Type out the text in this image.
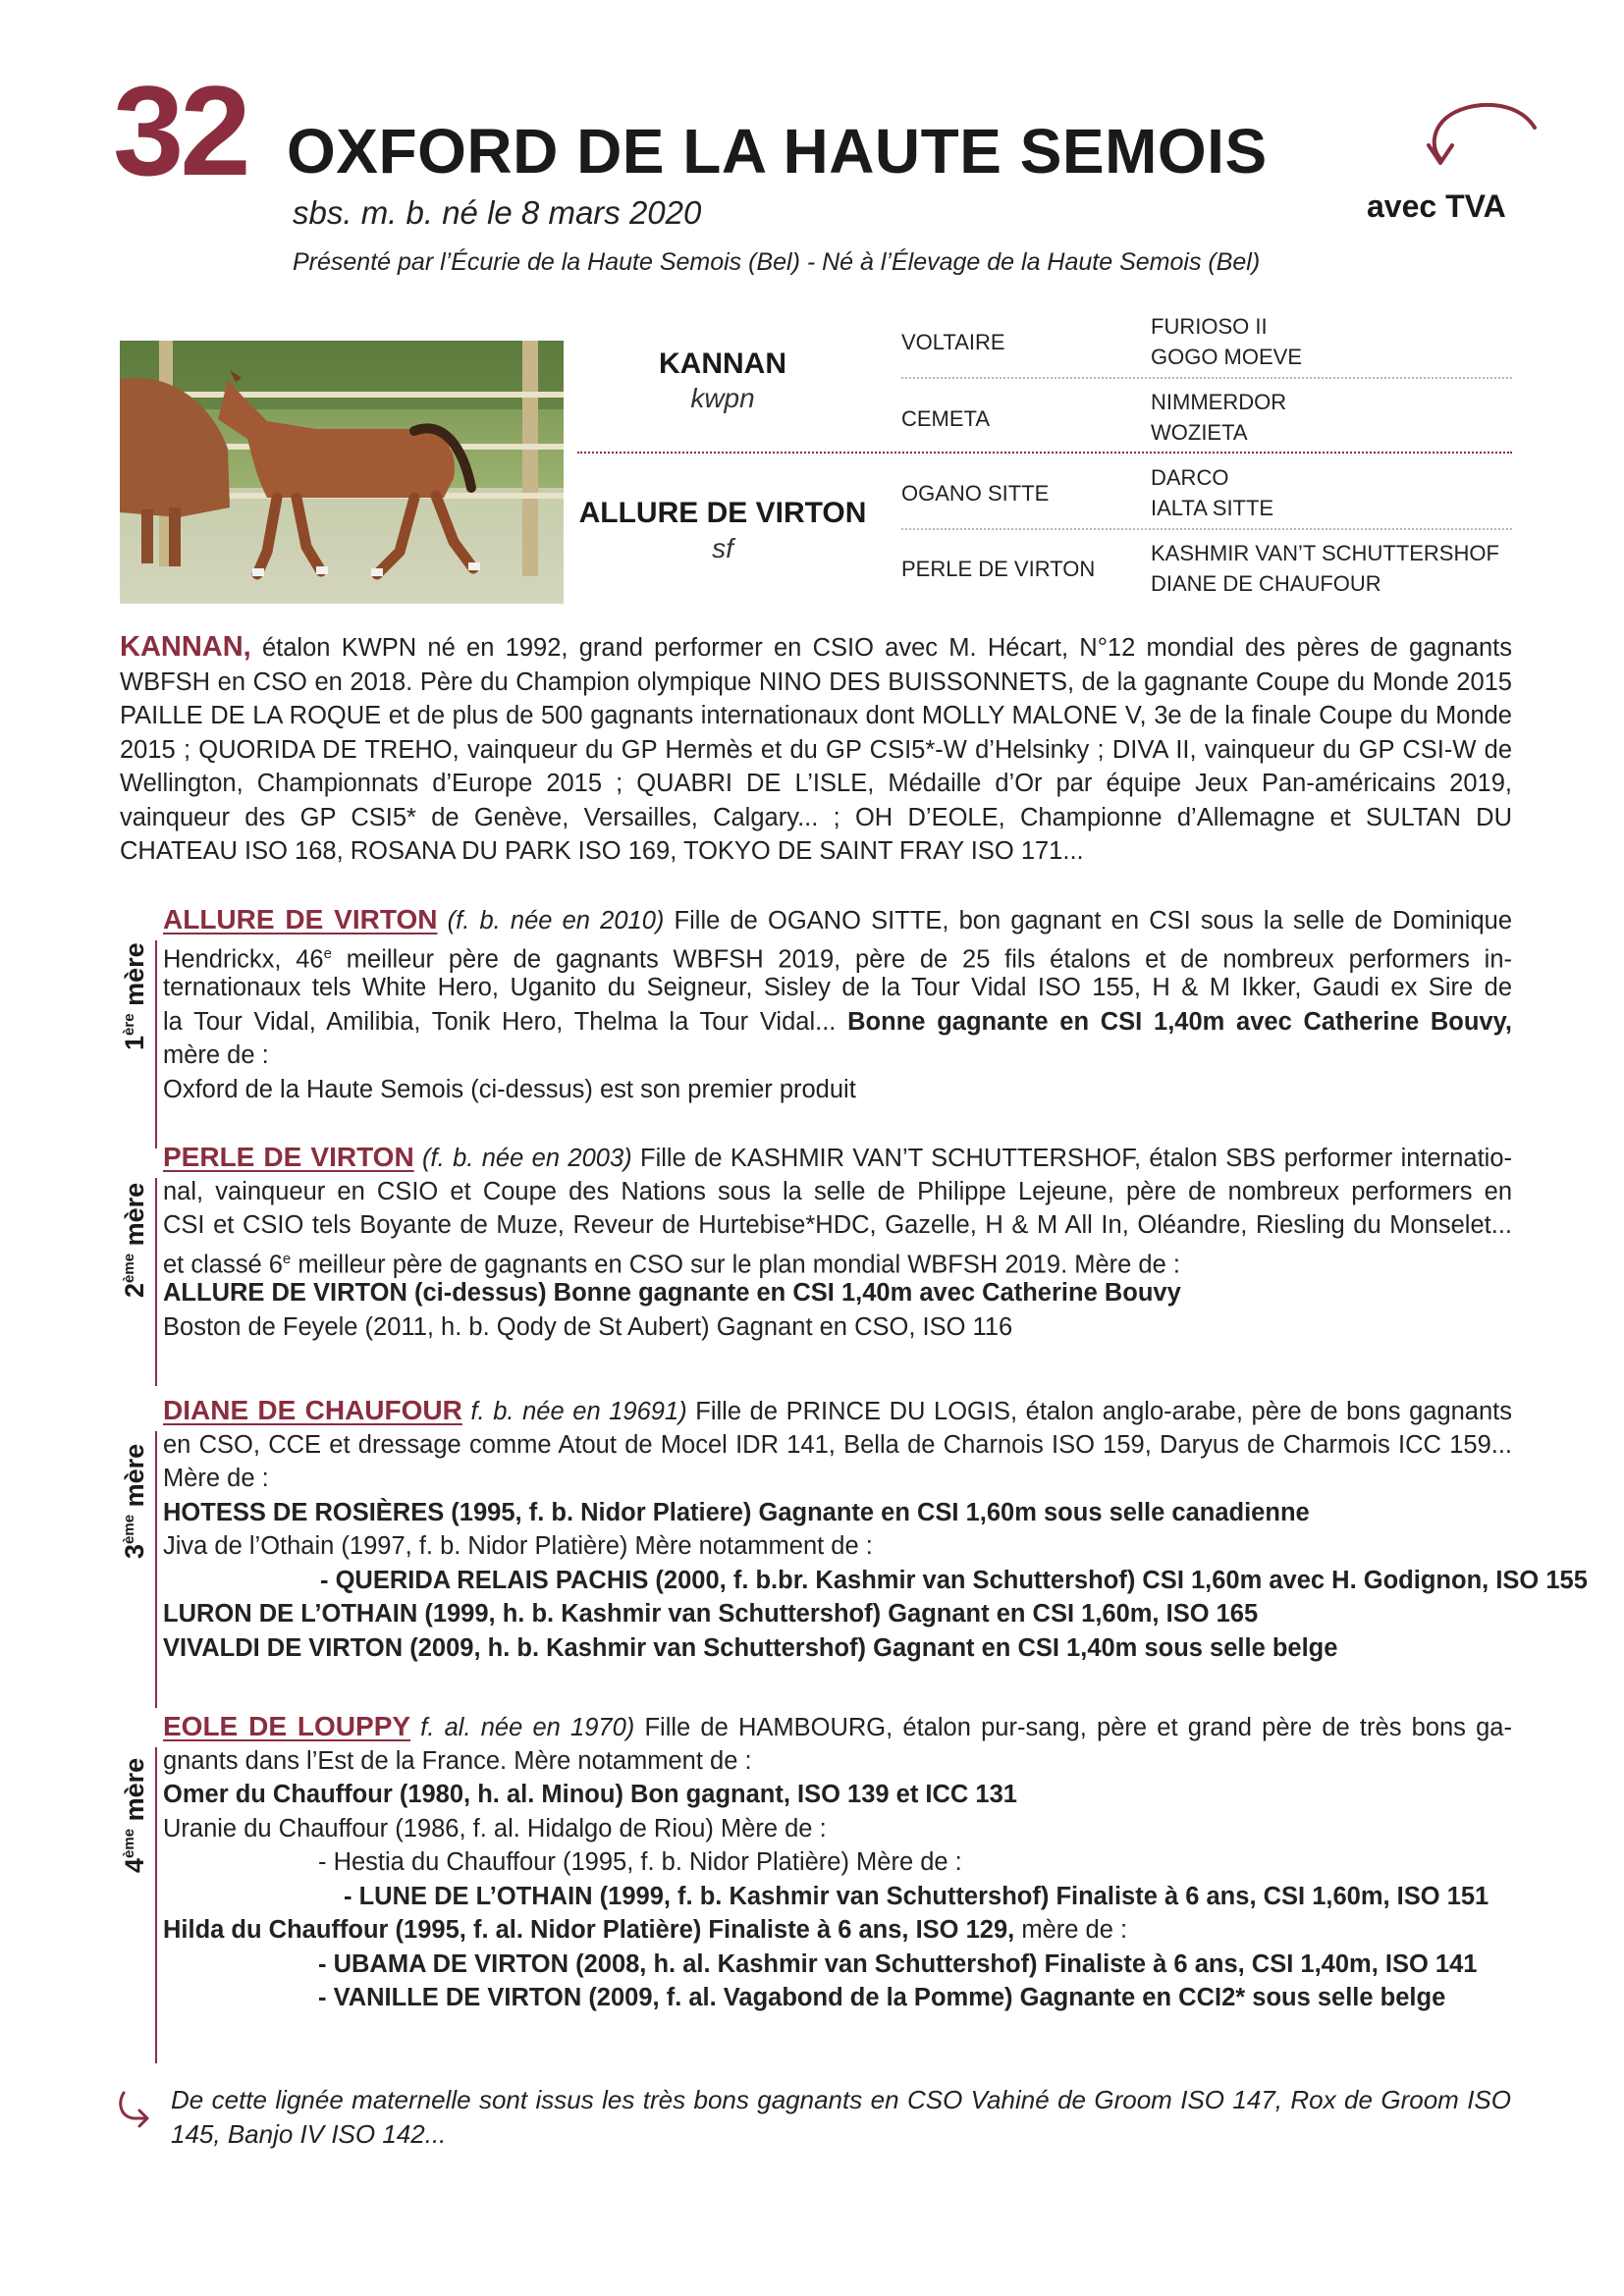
32 OXFORD DE LA HAUTE SEMOIS
sbs. m. b. né le 8 mars 2020
Présenté par l’Écurie de la Haute Semois (Bel) - Né à l’Élevage de la Haute Semois (Bel)
avec TVA
KANNAN
kwpn
ALLURE DE VIRTON
sf
VOLTAIRE
CEMETA
OGANO SITTE
PERLE DE VIRTON
FURIOSO II
GOGO MOEVE
NIMMERDOR
WOZIETA
DARCO
IALTA SITTE
KASHMIR VAN’T SCHUTTERSHOF
DIANE DE CHAUFOUR
KANNAN, étalon KWPN né en 1992, grand performer en CSIO avec M. Hécart, N°12 mondial des pères de gagnants WBFSH en CSO en 2018. Père du Champion olympique NINO DES BUISSONNETS, de la gagnante Coupe du Monde 2015 PAILLE DE LA ROQUE et de plus de 500 gagnants internationaux dont MOLLY MALONE V, 3e de la finale Coupe du Monde 2015 ; QUORIDA DE TREHO, vainqueur du GP Hermès et du GP CSI5*-W d’Helsinky ; DIVA II, vainqueur du GP CSI-W de Wellington, Championnats d’Europe 2015 ; QUABRI DE L’ISLE, Médaille d’Or par équipe Jeux Pan-américains 2019, vainqueur des GP CSI5* de Genève, Versailles, Calgary... ; OH D’EOLE, Championne d’Allemagne et SULTAN DU CHATEAU ISO 168, ROSANA DU PARK ISO 169, TOKYO DE SAINT FRAY ISO 171...
1ère mère
ALLURE DE VIRTON (f. b. née en 2010) Fille de OGANO SITTE, bon gagnant en CSI sous la selle de Dominique
Hendrickx, 46e meilleur père de gagnants WBFSH 2019, père de 25 fils étalons et de nombreux performers in-
ternationaux tels White Hero, Uganito du Seigneur, Sisley de la Tour Vidal ISO 155, H & M Ikker, Gaudi ex Sire de
la Tour Vidal, Amilibia, Tonik Hero, Thelma la Tour Vidal... Bonne gagnante en CSI 1,40m avec Catherine Bouvy,
mère de :
Oxford de la Haute Semois (ci-dessus) est son premier produit
2ème mère
PERLE DE VIRTON (f. b. née en 2003) Fille de KASHMIR VAN’T SCHUTTERSHOF, étalon SBS performer internatio-
nal, vainqueur en CSIO et Coupe des Nations sous la selle de Philippe Lejeune, père de nombreux performers en
CSI et CSIO tels Boyante de Muze, Reveur de Hurtebise*HDC, Gazelle, H & M All In, Oléandre, Riesling du Monselet...
et classé 6e meilleur père de gagnants en CSO sur le plan mondial WBFSH 2019. Mère de :
ALLURE DE VIRTON (ci-dessus) Bonne gagnante en CSI 1,40m avec Catherine Bouvy
Boston de Feyele (2011, h. b. Qody de St Aubert) Gagnant en CSO, ISO 116
3ème mère
DIANE DE CHAUFOUR f. b. née en 19691) Fille de PRINCE DU LOGIS, étalon anglo-arabe, père de bons gagnants
en CSO, CCE et dressage comme Atout de Mocel IDR 141, Bella de Charnois ISO 159, Daryus de Charmois ICC 159...
Mère de :
HOTESS DE ROSIÈRES (1995, f. b. Nidor Platiere) Gagnante en CSI 1,60m sous selle canadienne
Jiva de l’Othain (1997, f. b. Nidor Platière) Mère notamment de :
- QUERIDA RELAIS PACHIS (2000, f. b.br. Kashmir van Schuttershof) CSI 1,60m avec H. Godignon, ISO 155
LURON DE L’OTHAIN (1999, h. b. Kashmir van Schuttershof) Gagnant en CSI 1,60m, ISO 165
VIVALDI DE VIRTON (2009, h. b. Kashmir van Schuttershof) Gagnant en CSI 1,40m sous selle belge
4ème mère
EOLE DE LOUPPY f. al. née en 1970) Fille de HAMBOURG, étalon pur-sang, père et grand père de très bons ga-
gnants dans l’Est de la France. Mère notamment de :
Omer du Chauffour (1980, h. al. Minou) Bon gagnant, ISO 139 et ICC 131
Uranie du Chauffour (1986, f. al. Hidalgo de Riou) Mère de :
- Hestia du Chauffour (1995, f. b. Nidor Platière) Mère de :
- LUNE DE L’OTHAIN (1999, f. b. Kashmir van Schuttershof) Finaliste à 6 ans, CSI 1,60m, ISO 151
Hilda du Chauffour (1995, f. al. Nidor Platière) Finaliste à 6 ans, ISO 129, mère de :
- UBAMA DE VIRTON (2008, h. al. Kashmir van Schuttershof) Finaliste à 6 ans, CSI 1,40m, ISO 141
- VANILLE DE VIRTON (2009, f. al. Vagabond de la Pomme) Gagnante en CCI2* sous selle belge
De cette lignée maternelle sont issus les très bons gagnants en CSO Vahiné de Groom ISO 147, Rox de Groom ISO 145, Banjo IV ISO 142...
